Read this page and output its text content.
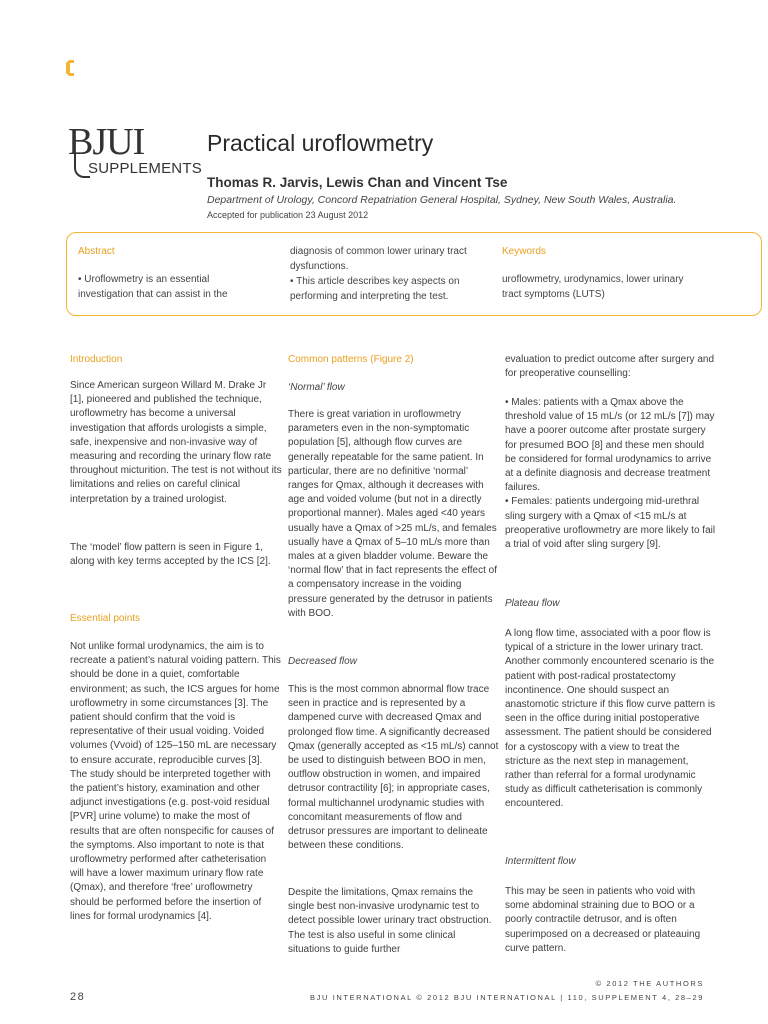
BJUI
SUPPLEMENTS
Practical uroflowmetry
Thomas R. Jarvis, Lewis Chan and Vincent Tse
Department of Urology, Concord Repatriation General Hospital, Sydney, New South Wales, Australia.
Accepted for publication 23 August 2012
Abstract
• Uroflowmetry is an essential investigation that can assist in the
diagnosis of common lower urinary tract dysfunctions.
• This article describes key aspects on performing and interpreting the test.
Keywords
uroflowmetry, urodynamics, lower urinary tract symptoms (LUTS)
Introduction

Since American surgeon Willard M. Drake Jr [1], pioneered and published the technique, uroflowmetry has become a universal investigation that affords urologists a simple, safe, inexpensive and non-invasive way of measuring and recording the urinary flow rate throughout micturition. The test is not without its limitations and relies on careful clinical interpretation by a trained urologist.

The ‘model’ flow pattern is seen in Figure 1, along with key terms accepted by the ICS [2].

Essential points

Not unlike formal urodynamics, the aim is to recreate a patient’s natural voiding pattern. This should be done in a quiet, comfortable environment; as such, the ICS argues for home uroflowmetry in some circumstances [3]. The patient should confirm that the void is representative of their usual voiding. Voided volumes (Vvoid) of 125–150 mL are necessary to ensure accurate, reproducible curves [3]. The study should be interpreted together with the patient’s history, examination and other adjunct investigations (e.g. post-void residual [PVR] urine volume) to make the most of results that are often nonspecific for causes of the symptoms. Also important to note is that uroflowmetry performed after catheterisation will have a lower maximum urinary flow rate (Qmax), and therefore ‘free’ uroflowmetry should be performed before the insertion of lines for formal urodynamics [4].

Common patterns (Figure 2)
‘Normal’ flow

There is great variation in uroflowmetry parameters even in the non-symptomatic population [5], although flow curves are generally repeatable for the same patient. In particular, there are no definitive ‘normal’ ranges for Qmax, although it decreases with age and voided volume (but not in a directly proportional manner). Males aged <40 years usually have a Qmax of >25 mL/s, and females usually have a Qmax of 5–10 mL/s more than males at a given bladder volume. Beware the ‘normal flow’ that in fact represents the effect of a compensatory increase in the voiding pressure generated by the detrusor in patients with BOO.

Decreased flow

This is the most common abnormal flow trace seen in practice and is represented by a dampened curve with decreased Qmax and prolonged flow time. A significantly decreased Qmax (generally accepted as <15 mL/s) cannot be used to distinguish between BOO in men, outflow obstruction in women, and impaired detrusor contractility [6]; in appropriate cases, formal multichannel urodynamic studies with concomitant measurements of flow and detrusor pressures are important to delineate between these conditions.

Despite the limitations, Qmax remains the single best non-invasive urodynamic test to detect possible lower urinary tract obstruction. The test is also useful in some clinical situations to guide further

evaluation to predict outcome after surgery and for preoperative counselling:

• Males: patients with a Qmax above the threshold value of 15 mL/s (or 12 mL/s [7]) may have a poorer outcome after prostate surgery for presumed BOO [8] and these men should be considered for formal urodynamics to arrive at a definite diagnosis and decrease treatment failures.
• Females: patients undergoing mid-urethral sling surgery with a Qmax of <15 mL/s at preoperative uroflowmetry are more likely to fail a trial of void after sling surgery [9].

Plateau flow

A long flow time, associated with a poor flow is typical of a stricture in the lower urinary tract. Another commonly encountered scenario is the patient with post-radical prostatectomy incontinence. One should suspect an anastomotic stricture if this flow curve pattern is seen in the office during initial postoperative assessment. The patient should be considered for a cystoscopy with a view to treat the stricture as the next step in management, rather than referral for a formal urodynamic study as difficult catheterisation is commonly encountered.

Intermittent flow

This may be seen in patients who void with some abdominal straining due to BOO or a poorly contractile detrusor, and is often superimposed on a decreased or plateauing curve pattern.

© 2012 THE AUTHORS
BJU INTERNATIONAL © 2012 BJU INTERNATIONAL | 110, SUPPLEMENT 4, 28–29
28
